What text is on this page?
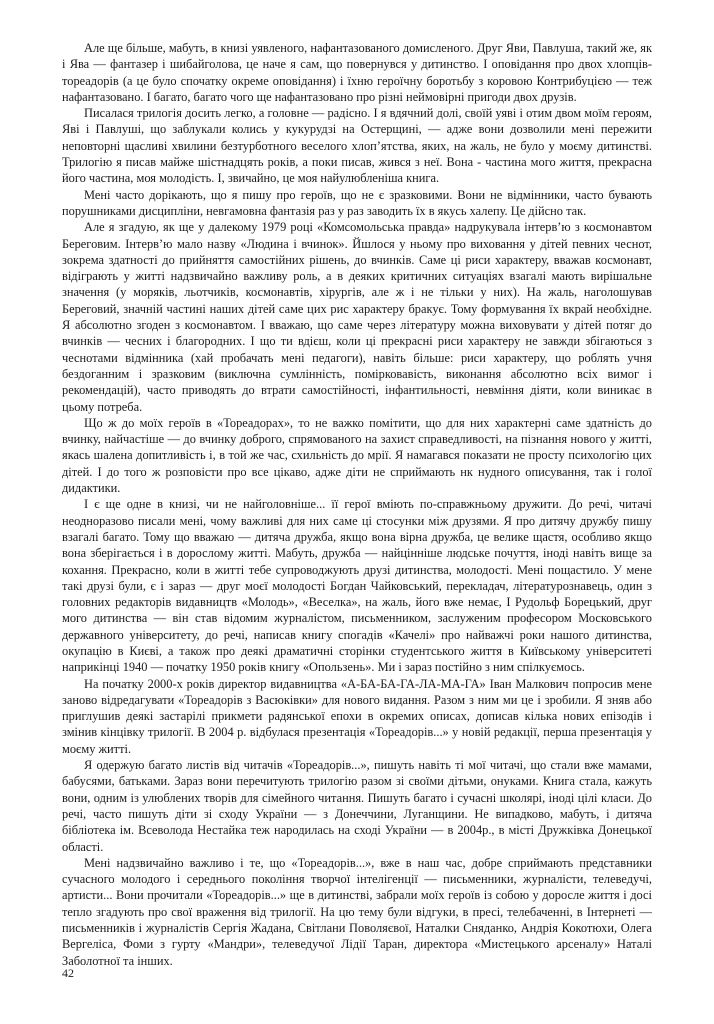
Але ще більше, мабуть, в книзі уявленого, нафантазованого домисленого. Друг Яви, Павлуша, такий же, як і Ява — фантазер і шибайголова, це наче я сам, що повернувся у дитинство. І оповідання про двох хлопців-тореадорів (а це було спочатку окреме оповідання) і їхню героїчну боротьбу з коровою Контрибуцією — теж нафантазовано. І багато, багато чого ще нафантазовано про різні неймовірні пригоди двох друзів.

Писалася трилогія досить легко, а головне — радісно. І я вдячний долі, своїй уяві і отим двом моїм героям, Яві і Павлуші, що заблукали колись у кукурудзі на Остерщині, — адже вони дозволили мені пережити неповторні щасливі хвилини безтурботного веселого хлоп’ятства, яких, на жаль, не було у моєму дитинстві. Трилогію я писав майже шістнадцять років, а поки писав, жився з неї. Вона - частина мого життя, прекрасна його частина, моя молодість. І, звичайно, це моя найулюбленіша книга.

Мені часто дорікають, що я пишу про героїв, що не є зразковими. Вони не відмінники, часто бувають порушниками дисципліни, невгамовна фантазія раз у раз заводить їх в якусь халепу. Це дійсно так.

Але я згадую, як ще у далекому 1979 році «Комсомольська правда» надрукувала інтерв’ю з космонавтом Береговим. Інтерв’ю мало назву «Людина і вчинок». Йшлося у ньому про виховання у дітей певних чеснот, зокрема здатності до прийняття самостійних рішень, до вчинків. Саме ці риси характеру, вважав космонавт, відіграють у житті надзвичайно важливу роль, а в деяких критичних ситуаціях взагалі мають вирішальне значення (у моряків, льотчиків, космонавтів, хірургів, але ж і не тільки у них). На жаль, наголошував Береговий, значній частині наших дітей саме цих рис характеру бракує. Тому формування їх вкрай необхідне. Я абсолютно згоден з космонавтом. І вважаю, що саме через літературу можна виховувати у дітей потяг до вчинків — чесних і благородних. І що ти вдієш, коли ці прекрасні риси характеру не завжди збігаються з чеснотами відмінника (хай пробачать мені педагоги), навіть більше: риси характеру, що роблять учня бездоганним і зразковим (виключна сумлінність, помірковавість, виконання абсолютно всіх вимог і рекомендацій), часто приводять до втрати самостійності, інфантильності, невміння діяти, коли виникає в цьому потреба.

Що ж до моїх героїв в «Тореадорах», то не важко помітити, що для них характерні саме здатність до вчинку, найчастіше — до вчинку доброго, спрямованого на захист справедливості, на пізнання нового у житті, якась шалена допитливість і, в той же час, схильність до мрії. Я намагався показати не просту психологію цих дітей. І до того ж розповісти про все цікаво, адже діти не сприймають нк нудного описування, так і голої дидактики.

І є ще одне в книзі, чи не найголовніше... її герої вміють по-справжньому дружити. До речі, читачі неодноразово писали мені, чому важливі для них саме ці стосунки між друзями. Я про дитячу дружбу пишу взагалі багато. Тому що вважаю — дитяча дружба, якщо вона вірна дружба, це велике щастя, особливо якщо вона зберігається і в дорослому житті. Мабуть, дружба — найцінніше людське почуття, іноді навіть вище за кохання. Прекрасно, коли в житті тебе супроводжують друзі дитинства, молодості. Мені пощастило. У мене такі друзі були, є і зараз — друг моєї молодості Богдан Чайковський, перекладач, літературознавець, один з головних редакторів видавництв «Молодь», «Веселка», на жаль, його вже немає, І Рудольф Борецький, друг мого дитинства — він став відомим журналістом, письменником, заслуженим професором Московського державного університету, до речі, написав книгу спогадів «Качелі» про найважчі роки нашого дитинства, окупацію в Києві, а також про деякі драматичні сторінки студентського життя в Київському університеті наприкінці 1940 — початку 1950 років книгу «Опользень». Ми і зараз постійно з ним спілкуємось.

На початку 2000-х років директор видавництва «А-БА-БА-ГА-ЛА-МА-ГА» Іван Малкович попросив мене заново відредагувати «Тореадорів з Васюківки» для нового видання. Разом з ним ми це і зробили. Я зняв або приглушив деякі застарілі прикмети радянської епохи в окремих описах, дописав кілька нових епізодів і змінив кінцівку трилогії. В 2004 р. відбулася презентація «Тореадорів...» у новій редакції, перша презентація у моєму житті.

Я одержую багато листів від читачів «Тореадорів...», пишуть навіть ті мої читачі, що стали вже мамами, бабусями, батьками. Зараз вони перечитують трилогію разом зі своїми дітьми, онуками. Книга стала, кажуть вони, одним із улюблених творів для сімейного читання. Пишуть багато і сучасні школярі, іноді цілі класи. До речі, часто пишуть діти зі сходу України — з Донеччини, Луганщини. Не випадково, мабуть, і дитяча бібліотека ім. Всеволода Нестайка теж народилась на сході України — в 2004р., в місті Дружківка Донецької області.

Мені надзвичайно важливо і те, що «Тореадорів...», вже в наш час, добре сприймають представники сучасного молодого і середнього покоління творчої інтелігенції — письменники, журналісти, телеведучі, артисти... Вони прочитали «Тореадорів...» ще в дитинстві, забрали моїх героїв із собою у доросле життя і досі тепло згадують про свої враження від трилогії. На цю тему були відгуки, в пресі, телебаченні, в Інтернеті — письменників і журналістів Сергія Жадана, Світлани Поволяєвої, Наталки Сняданко, Андрія Кокотюхи, Олега Вергеліса, Фоми з гурту «Мандри», телеведучої Лідії Таран, директора «Мистецького арсеналу» Наталі Заболотної та інших.

42
